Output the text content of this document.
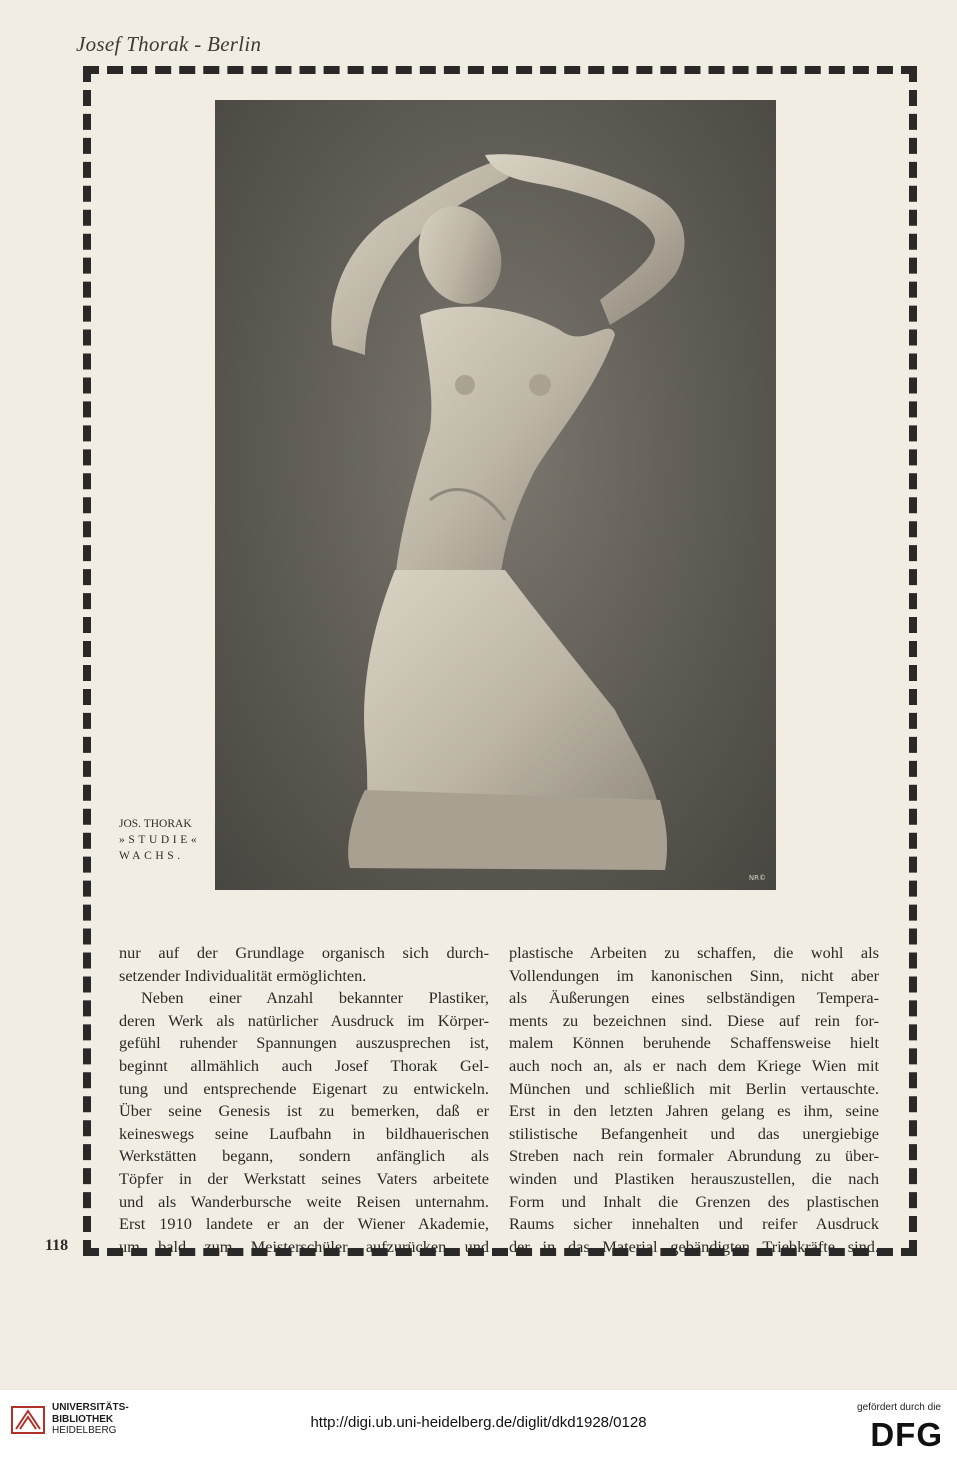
Josef Thorak - Berlin
NR©
JOS. THORAK
»STUDIE«
WACHS.
nur auf der Grundlage organisch sich durch-
setzender Individualität ermöglichten.
Neben einer Anzahl bekannter Plastiker,
deren Werk als natürlicher Ausdruck im Körper-
gefühl ruhender Spannungen auszusprechen ist,
beginnt allmählich auch Josef Thorak Gel-
tung und entsprechende Eigenart zu entwickeln.
Über seine Genesis ist zu bemerken, daß er
keineswegs seine Laufbahn in bildhauerischen
Werkstätten begann, sondern anfänglich als
Töpfer in der Werkstatt seines Vaters arbeitete
und als Wanderbursche weite Reisen unternahm.
Erst 1910 landete er an der Wiener Akademie,
um bald zum Meisterschüler aufzurücken und
plastische Arbeiten zu schaffen, die wohl als
Vollendungen im kanonischen Sinn, nicht aber
als Äußerungen eines selbständigen Tempera-
ments zu bezeichnen sind. Diese auf rein for-
malem Können beruhende Schaffensweise hielt
auch noch an, als er nach dem Kriege Wien mit
München und schließlich mit Berlin vertauschte.
Erst in den letzten Jahren gelang es ihm, seine
stilistische Befangenheit und das unergiebige
Streben nach rein formaler Abrundung zu über-
winden und Plastiken herauszustellen, die nach
Form und Inhalt die Grenzen des plastischen
Raums sicher innehalten und reifer Ausdruck
der in das Material gebändigten Triebkräfte sind.
118
UNIVERSITÄTS-
BIBLIOTHEK
HEIDELBERG	http://digi.ub.uni-heidelberg.de/diglit/dkd1928/0128
gefördert durch die
DFG
